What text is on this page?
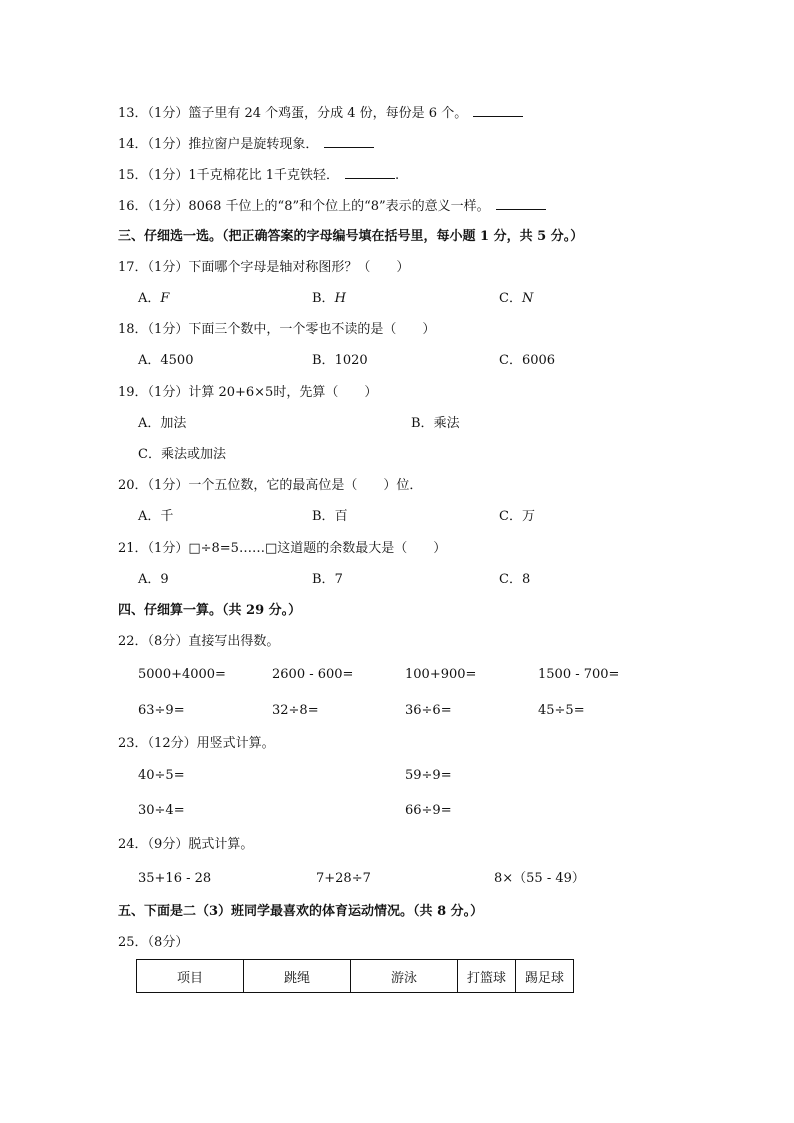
13．（1分）篮子里有 24 个鸡蛋，分成 4 份，每份是 6 个。
14．（1分）推拉窗户是旋转现象．
15．（1分）1千克棉花比 1千克铁轻．	.
16．（1分）8068 千位上的“8”和个位上的“8”表示的意义一样。
三、仔细选一选。（把正确答案的字母编号填在括号里，每小题 1 分，共 5 分。）
17．（1分）下面哪个字母是轴对称图形？（　　）
A．F	B．H	C．N
18．（1分）下面三个数中，一个零也不读的是（　　）
A．4500	B．1020	C．6006
19．（1分）计算 20+6×5时，先算（　　）
A．加法	B．乘法
C．乘法或加法
20．（1分）一个五位数，它的最高位是（　　）位．
A．千	B．百	C．万
21．（1分）□÷8=5……□这道题的余数最大是（　　）
A．9	B．7	C．8
四、仔细算一算。（共 29 分。）
22．（8分）直接写出得数。
5000+4000=	2600 - 600=	100+900=	1500 - 700=
63÷9=	32÷8=	36÷6=	45÷5=
23．（12分）用竖式计算。
40÷5=	59÷9=
30÷4=	66÷9=
24．（9分）脱式计算。
35+16 - 28	7+28÷7	8×（55 - 49）
五、下面是二（3）班同学最喜欢的体育运动情况。（共 8 分。）
25．（8分）
项目	跳绳	游泳	打篮球	踢足球
